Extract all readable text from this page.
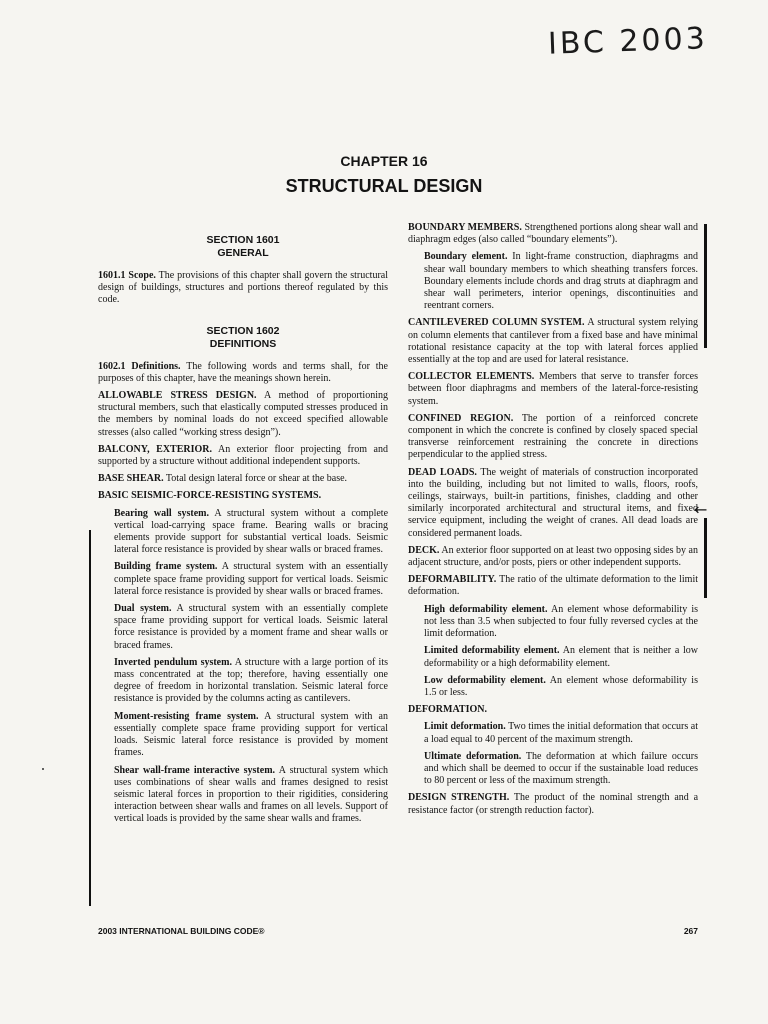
IBC 2003
CHAPTER 16
STRUCTURAL DESIGN
SECTION 1601
GENERAL

1601.1 Scope. The provisions of this chapter shall govern the structural design of buildings, structures and portions thereof regulated by this code.

SECTION 1602
DEFINITIONS

1602.1 Definitions. The following words and terms shall, for the purposes of this chapter, have the meanings shown herein.

ALLOWABLE STRESS DESIGN. A method of proportioning structural members, such that elastically computed stresses produced in the members by nominal loads do not exceed specified allowable stresses (also called “working stress design”).

BALCONY, EXTERIOR. An exterior floor projecting from and supported by a structure without additional independent supports.

BASE SHEAR. Total design lateral force or shear at the base.

BASIC SEISMIC-FORCE-RESISTING SYSTEMS.

Bearing wall system. A structural system without a complete vertical load-carrying space frame. Bearing walls or bracing elements provide support for substantial vertical loads. Seismic lateral force resistance is provided by shear walls or braced frames.

Building frame system. A structural system with an essentially complete space frame providing support for vertical loads. Seismic lateral force resistance is provided by shear walls or braced frames.

Dual system. A structural system with an essentially complete space frame providing support for vertical loads. Seismic lateral force resistance is provided by a moment frame and shear walls or braced frames.

Inverted pendulum system. A structure with a large portion of its mass concentrated at the top; therefore, having essentially one degree of freedom in horizontal translation. Seismic lateral force resistance is provided by the columns acting as cantilevers.

Moment-resisting frame system. A structural system with an essentially complete space frame providing support for vertical loads. Seismic lateral force resistance is provided by moment frames.

Shear wall-frame interactive system. A structural system which uses combinations of shear walls and frames designed to resist seismic lateral forces in proportion to their rigidities, considering interaction between shear walls and frames on all levels. Support of vertical loads is provided by the same shear walls and frames.

BOUNDARY MEMBERS. Strengthened portions along shear wall and diaphragm edges (also called “boundary elements”).

Boundary element. In light-frame construction, diaphragms and shear wall boundary members to which sheathing transfers forces. Boundary elements include chords and drag struts at diaphragm and shear wall perimeters, interior openings, discontinuities and reentrant corners.

CANTILEVERED COLUMN SYSTEM. A structural system relying on column elements that cantilever from a fixed base and have minimal rotational resistance capacity at the top with lateral forces applied essentially at the top and are used for lateral resistance.

COLLECTOR ELEMENTS. Members that serve to transfer forces between floor diaphragms and members of the lateral-force-resisting system.

CONFINED REGION. The portion of a reinforced concrete component in which the concrete is confined by closely spaced special transverse reinforcement restraining the concrete in directions perpendicular to the applied stress.

DEAD LOADS. The weight of materials of construction incorporated into the building, including but not limited to walls, floors, roofs, ceilings, stairways, built-in partitions, finishes, cladding and other similarly incorporated architectural and structural items, and fixed service equipment, including the weight of cranes. All dead loads are considered permanent loads.

DECK. An exterior floor supported on at least two opposing sides by an adjacent structure, and/or posts, piers or other independent supports.

DEFORMABILITY. The ratio of the ultimate deformation to the limit deformation.

High deformability element. An element whose deformability is not less than 3.5 when subjected to four fully reversed cycles at the limit deformation.

Limited deformability element. An element that is neither a low deformability or a high deformability element.

Low deformability element. An element whose deformability is 1.5 or less.

DEFORMATION.

Limit deformation. Two times the initial deformation that occurs at a load equal to 40 percent of the maximum strength.

Ultimate deformation. The deformation at which failure occurs and which shall be deemed to occur if the sustainable load reduces to 80 percent or less of the maximum strength.

DESIGN STRENGTH. The product of the nominal strength and a resistance factor (or strength reduction factor).

←
2003 INTERNATIONAL BUILDING CODE®	267
